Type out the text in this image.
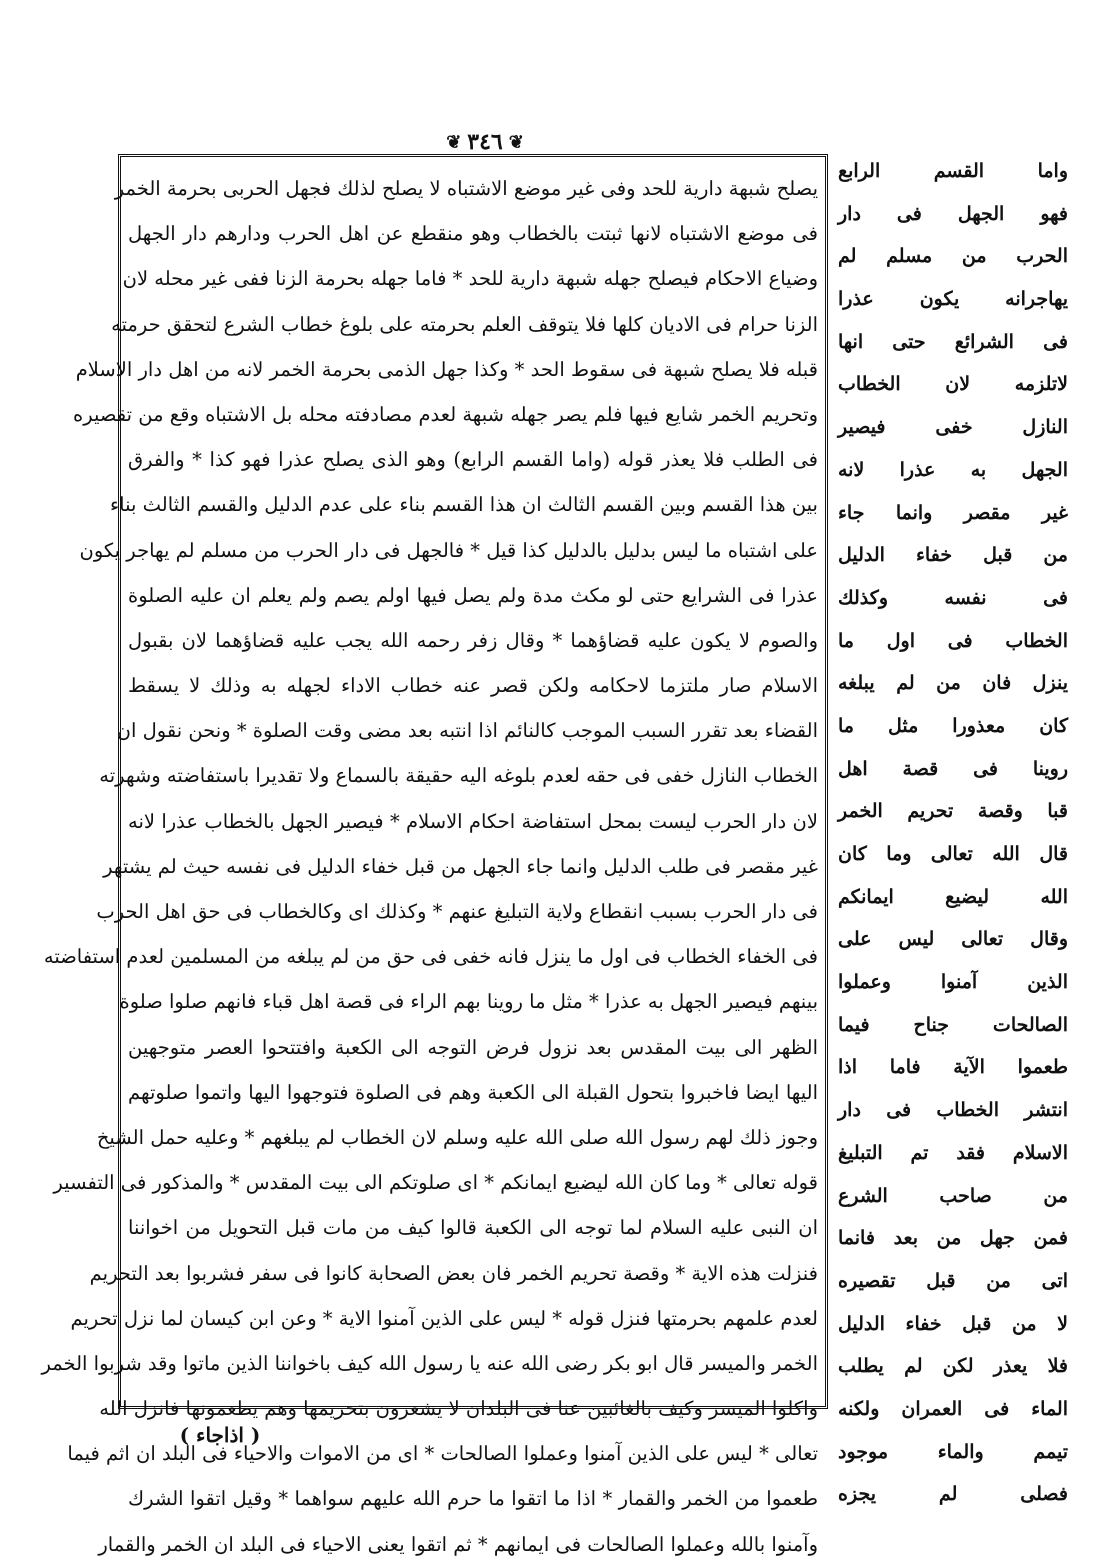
❦
٣٤٦
❦
يصلح شبهة دارية للحد وفى غير موضع الاشتباه لا يصلح لذلك فجهل الحربى بحرمة الخمر
فى موضع الاشتباه لانها ثبتت بالخطاب وهو منقطع عن اهل الحرب ودارهم دار الجهل
وضياع الاحكام فيصلح جهله شبهة دارية للحد * فاما جهله بحرمة الزنا ففى غير محله لان
الزنا حرام فى الاديان كلها فلا يتوقف العلم بحرمته على بلوغ خطاب الشرع لتحقق حرمته
قبله فلا يصلح شبهة فى سقوط الحد * وكذا جهل الذمى بحرمة الخمر لانه من اهل دار الاسلام
وتحريم الخمر شايع فيها فلم يصر جهله شبهة لعدم مصادفته محله بل الاشتباه وقع من تقصيره
فى الطلب فلا يعذر قوله (واما القسم الرابع) وهو الذى يصلح عذرا فهو كذا * والفرق
بين هذا القسم وبين القسم الثالث ان هذا القسم بناء على عدم الدليل والقسم الثالث بناء
على اشتباه ما ليس بدليل بالدليل كذا قيل * فالجهل فى دار الحرب من مسلم لم يهاجر يكون
عذرا فى الشرايع حتى لو مكث مدة ولم يصل فيها اولم يصم ولم يعلم ان عليه الصلوة
والصوم لا يكون عليه قضاؤهما * وقال زفر رحمه الله يجب عليه قضاؤهما لان بقبول
الاسلام صار ملتزما لاحكامه ولكن قصر عنه خطاب الاداء لجهله به وذلك لا يسقط
القضاء بعد تقرر السبب الموجب كالنائم اذا انتبه بعد مضى وقت الصلوة * ونحن نقول ان
الخطاب النازل خفى فى حقه لعدم بلوغه اليه حقيقة بالسماع ولا تقديرا باستفاضته وشهرته
لان دار الحرب ليست بمحل استفاضة احكام الاسلام * فيصير الجهل بالخطاب عذرا لانه
غير مقصر فى طلب الدليل وانما جاء الجهل من قبل خفاء الدليل فى نفسه حيث لم يشتهر
فى دار الحرب بسبب انقطاع ولاية التبليغ عنهم * وكذلك اى وكالخطاب فى حق اهل الحرب
فى الخفاء الخطاب فى اول ما ينزل فانه خفى فى حق من لم يبلغه من المسلمين لعدم استفاضته
بينهم فيصير الجهل به عذرا * مثل ما روينا بهم الراء فى قصة اهل قباء فانهم صلوا صلوة
الظهر الى بيت المقدس بعد نزول فرض التوجه الى الكعبة وافتتحوا العصر متوجهين
اليها ايضا فاخبروا بتحول القبلة الى الكعبة وهم فى الصلوة فتوجهوا اليها واتموا صلوتهم
وجوز ذلك لهم رسول الله صلى الله عليه وسلم لان الخطاب لم يبلغهم * وعليه حمل الشيخ
قوله تعالى * وما كان الله ليضيع ايمانكم * اى صلوتكم الى بيت المقدس * والمذكور فى التفسير
ان النبى عليه السلام لما توجه الى الكعبة قالوا كيف من مات قبل التحويل من اخواننا
فنزلت هذه الاية * وقصة تحريم الخمر فان بعض الصحابة كانوا فى سفر فشربوا بعد التحريم
لعدم علمهم بحرمتها فنزل قوله * ليس على الذين آمنوا الاية * وعن ابن كيسان لما نزل تحريم
الخمر والميسر قال ابو بكر رضى الله عنه يا رسول الله كيف باخواننا الذين ماتوا وقد شربوا الخمر
واكلوا الميسر وكيف بالغائبين عنا فى البلدان لا يشعرون بتحريمها وهم يطعمونها فانزل الله
تعالى * ليس على الذين آمنوا وعملوا الصالحات * اى من الاموات والاحياء فى البلد ان اثم فيما
طعموا من الخمر والقمار * اذا ما اتقوا ما حرم الله عليهم سواهما * وقيل اتقوا الشرك
وآمنوا بالله وعملوا الصالحات فى ايمانهم * ثم اتقوا يعنى الاحياء فى البلد ان الخمر والقمار
واما القسم الرابع
فهو الجهل فى دار
الحرب من مسلم لم
يهاجرانه يكون عذرا
فى الشرائع حتى انها
لاتلزمه لان الخطاب
النازل خفى فيصير
الجهل به عذرا لانه
غير مقصر وانما جاء
من قبل خفاء الدليل
فى نفسه وكذلك
الخطاب فى اول ما
ينزل فان من لم يبلغه
كان معذورا مثل ما
روينا فى قصة اهل
قبا وقصة تحريم الخمر
قال الله تعالى وما كان
الله ليضيع ايمانكم
وقال تعالى ليس على
الذين آمنوا وعملوا
الصالحات جناح فيما
طعموا الآية فاما اذا
انتشر الخطاب فى دار
الاسلام فقد تم التبليغ
من صاحب الشرع
فمن جهل من بعد فانما
اتى من قبل تقصيره
لا من قبل خفاء الدليل
فلا يعذر لكن لم يطلب
الماء فى العمران ولكنه
تيمم والماء موجود
فصلى لم يجزه
( اذاجاء )
